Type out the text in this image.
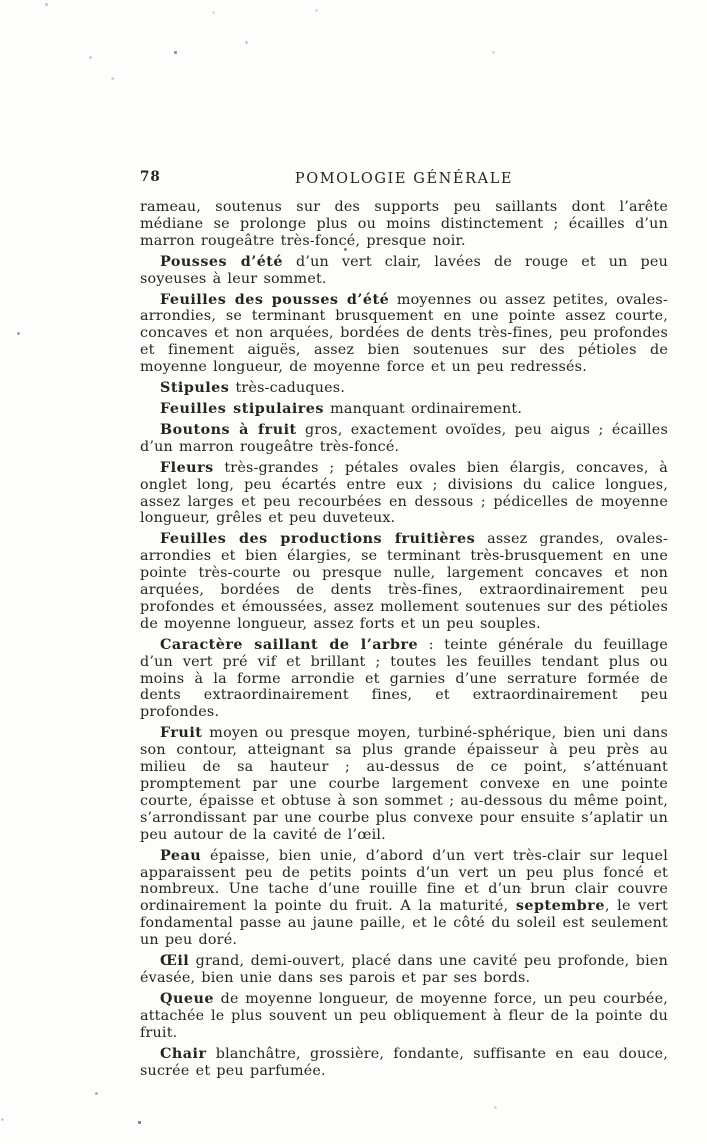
78	POMOLOGIE GÉNÉRALE

rameau, soutenus sur des supports peu saillants dont l’arête médiane se prolonge plus ou moins distinctement ; écailles d’un marron rougeâtre très-foncé, presque noir.

Pousses d’été d’un vert clair, lavées de rouge et un peu soyeuses à leur sommet.

Feuilles des pousses d’été moyennes ou assez petites, ovales-arrondies, se terminant brusquement en une pointe assez courte, concaves et non arquées, bordées de dents très-fines, peu profondes et finement aiguës, assez bien soutenues sur des pétioles de moyenne longueur, de moyenne force et un peu redressés.

Stipules très-caduques.

Feuilles stipulaires manquant ordinairement.

Boutons à fruit gros, exactement ovoïdes, peu aigus ; écailles d’un marron rougeâtre très-foncé.

Fleurs très-grandes ; pétales ovales bien élargis, concaves, à onglet long, peu écartés entre eux ; divisions du calice longues, assez larges et peu recourbées en dessous ; pédicelles de moyenne longueur, grêles et peu duveteux.

Feuilles des productions fruitières assez grandes, ovales-arrondies et bien élargies, se terminant très-brusquement en une pointe très-courte ou presque nulle, largement concaves et non arquées, bordées de dents très-fines, extraordinairement peu profondes et émoussées, assez mollement soutenues sur des pétioles de moyenne longueur, assez forts et un peu souples.

Caractère saillant de l’arbre : teinte générale du feuillage d’un vert pré vif et brillant ; toutes les feuilles tendant plus ou moins à la forme arrondie et garnies d’une serrature formée de dents extraordinairement fines, et extraordinairement peu profondes.

Fruit moyen ou presque moyen, turbiné-sphérique, bien uni dans son contour, atteignant sa plus grande épaisseur à peu près au milieu de sa hauteur ; au-dessus de ce point, s’atténuant promptement par une courbe largement convexe en une pointe courte, épaisse et obtuse à son sommet ; au-dessous du même point, s’arrondissant par une courbe plus convexe pour ensuite s’aplatir un peu autour de la cavité de l’œil.

Peau épaisse, bien unie, d’abord d’un vert très-clair sur lequel apparaissent peu de petits points d’un vert un peu plus foncé et nombreux. Une tache d’une rouille fine et d’un brun clair couvre ordinairement la pointe du fruit. A la maturité, septembre, le vert fondamental passe au jaune paille, et le côté du soleil est seulement un peu doré.

Œil grand, demi-ouvert, placé dans une cavité peu profonde, bien évasée, bien unie dans ses parois et par ses bords.

Queue de moyenne longueur, de moyenne force, un peu courbée, attachée le plus souvent un peu obliquement à fleur de la pointe du fruit.

Chair blanchâtre, grossière, fondante, suffisante en eau douce, sucrée et peu parfumée.
